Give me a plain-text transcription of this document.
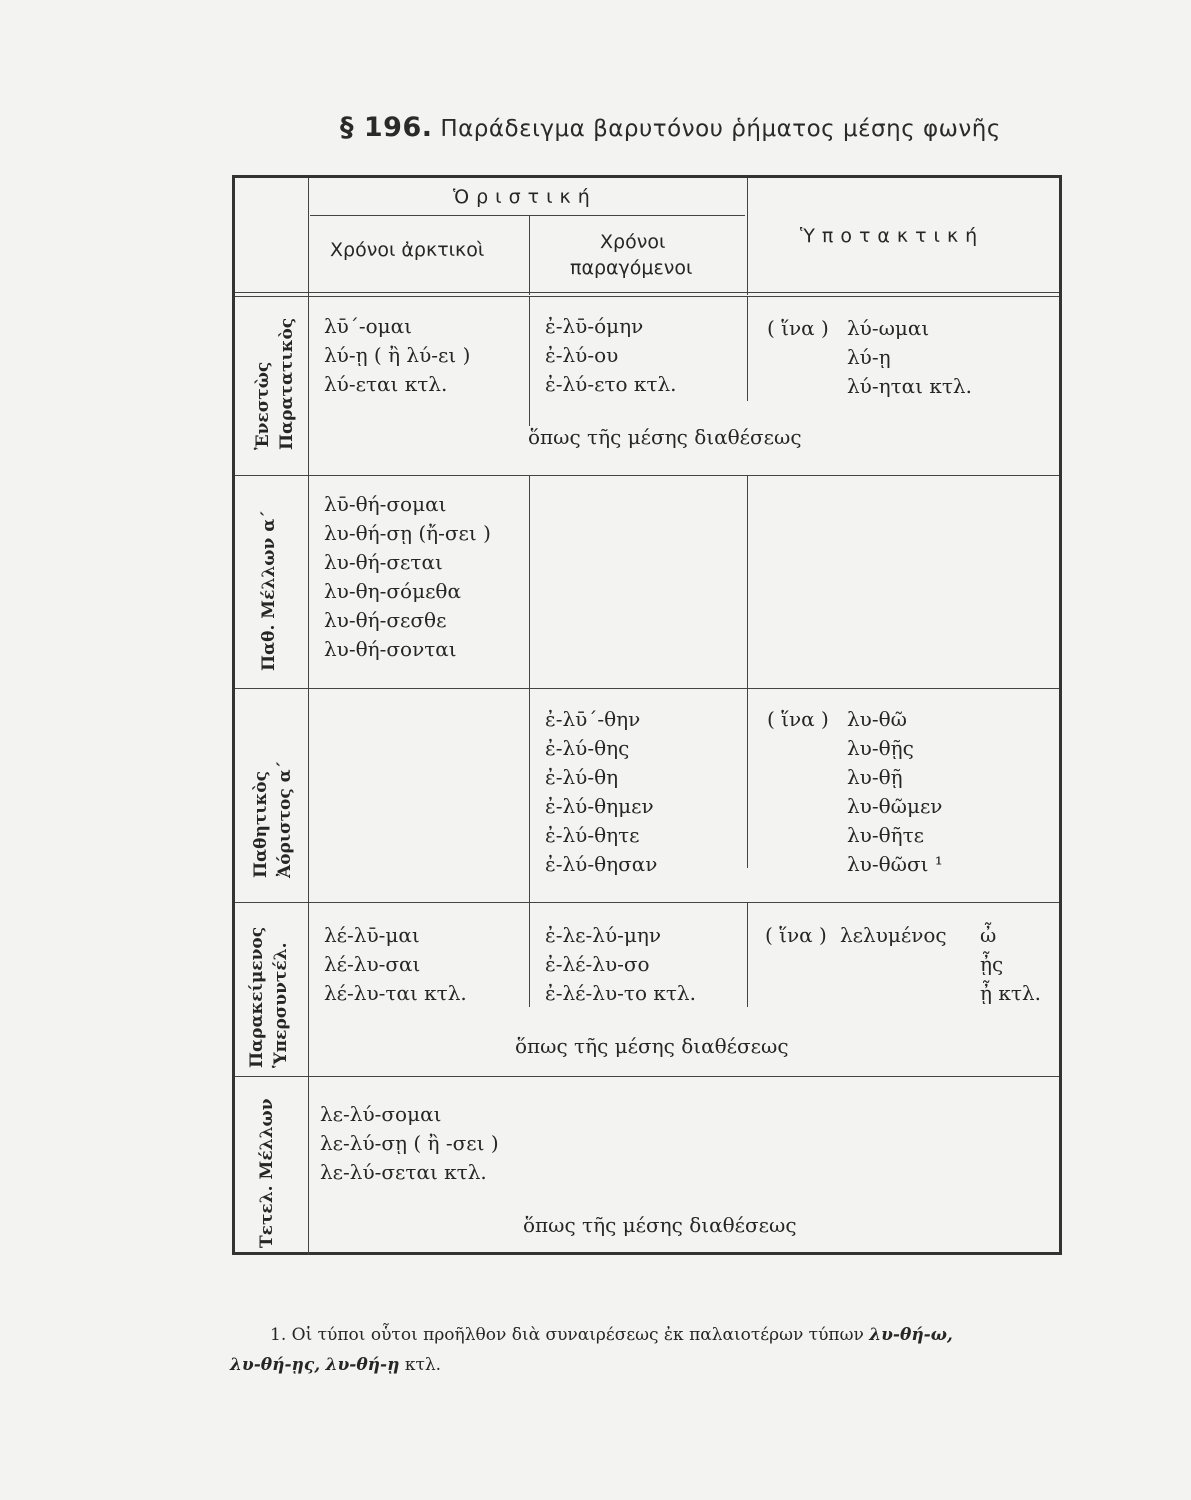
§ 196. Παράδειγμα βαρυτόνου ῥήματος μέσης φωνῆς
Ὁριστική
Χρόνοι ἀρκτικοὶ	Χρόνοι
παραγόμενοι
Ὑποτακτική
Ἐνεστὼς Παρατατικὸς λῡ΄-ομαι
λύ-ῃ ( ἢ λύ-ει )
λύ-εται κτλ.
ἐ-λῡ-όμην
ἐ-λύ-ου
ἐ-λύ-ετο κτλ.
( ἵνα ) λύ-ωμαι
λύ-ῃ
λύ-ηται κτλ.
ὅπως τῆς μέσης διαθέσεως
Παθ. Μέλλων α΄
λῡ-θή-σομαι
λυ-θή-σῃ (ἤ-σει )
λυ-θή-σεται
λυ-θη-σόμεθα
λυ-θή-σεσθε
λυ-θή-σονται
Παθητικὸς Ἀόριστος α΄
ἐ-λῡ΄-θην
ἐ-λύ-θης
ἐ-λύ-θη
ἐ-λύ-θημεν
ἐ-λύ-θητε
ἐ-λύ-θησαν
( ἵνα ) λυ-θῶ
λυ-θῇς
λυ-θῇ
λυ-θῶμεν
λυ-θῆτε
λυ-θῶσι ¹
Παρακείμενος Ὑπερσυντέλ.
λέ-λῡ-μαι
λέ-λυ-σαι
λέ-λυ-ται κτλ.
ἐ-λε-λύ-μην
ἐ-λέ-λυ-σο
ἐ-λέ-λυ-το κτλ.
( ἵνα ) λελυμένος ὦ
ᾖς
ᾖ κτλ.
ὅπως τῆς μέσης διαθέσεως
Τετελ. Μέλλων λε-λύ-σομαι
λε-λύ-σῃ ( ἢ -σει )
λε-λύ-σεται κτλ.
ὅπως τῆς μέσης διαθέσεως
1. Οἱ τύποι οὗτοι προῆλθον διὰ συναιρέσεως ἐκ παλαιοτέρων τύπων λυ-θή-ω,
λυ-θή-ῃς, λυ-θή-ῃ κτλ.
